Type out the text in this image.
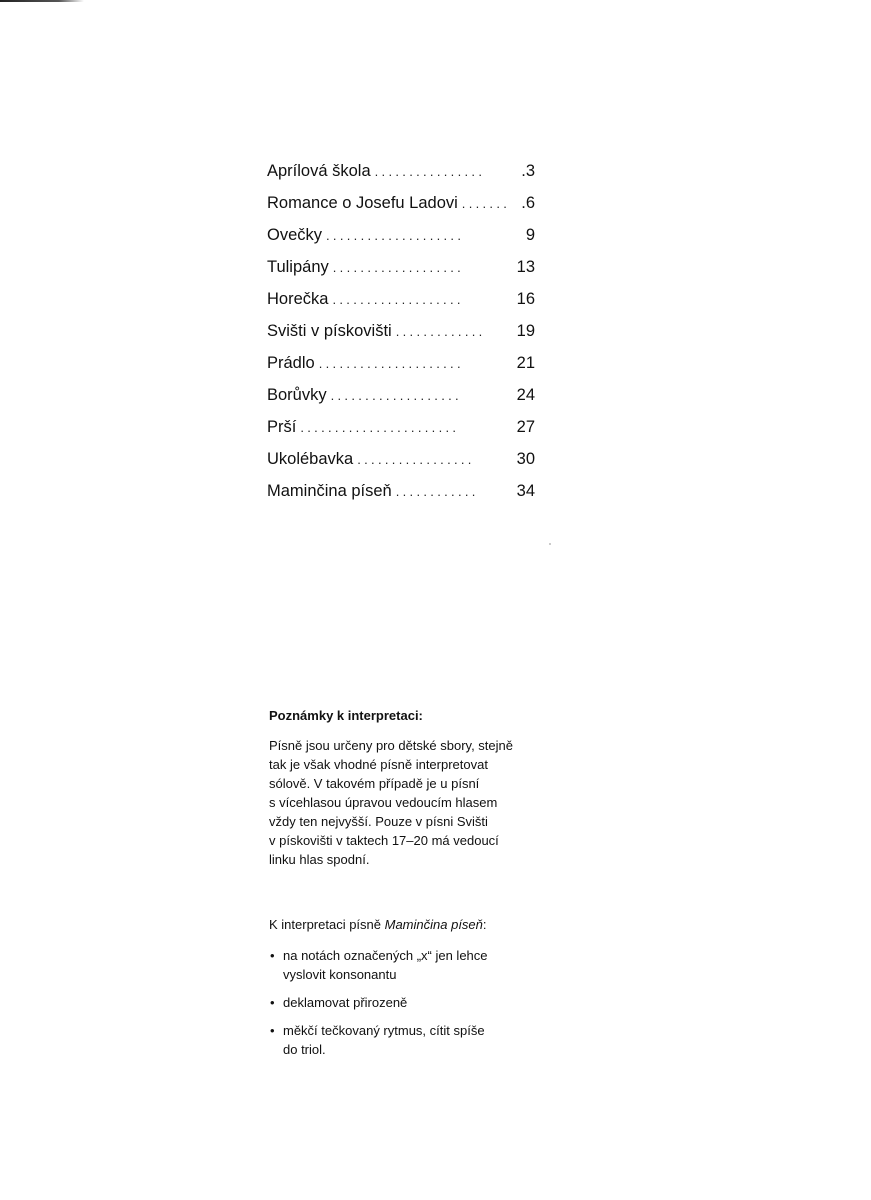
Aprílová škola ................	.3
Romance o Josefu Ladovi ....... .6
Ovečky ....................	9
Tulipány ...................	13
Horečka ...................	16
Svišti v pískovišti .............	19
Prádlo .....................	21
Borůvky ...................	24
Prší .......................	27
Ukolébavka .................	30
Maminčina píseň ............	34

Poznámky k interpretaci:

Písně jsou určeny pro dětské sbory, stejně
tak je však vhodné písně interpretovat
sólově. V takovém případě je u písní
s vícehlasou úpravou vedoucím hlasem
vždy ten nejvyšší. Pouze v písni Svišti
v pískovišti v taktech 17–20 má vedoucí
linku hlas spodní.

K interpretaci písně Maminčina píseň:

• na notách označených „x“ jen lehce
vyslovit konsonantu
• deklamovat přirozeně
• měkčí tečkovaný rytmus, cítit spíše
do triol.
